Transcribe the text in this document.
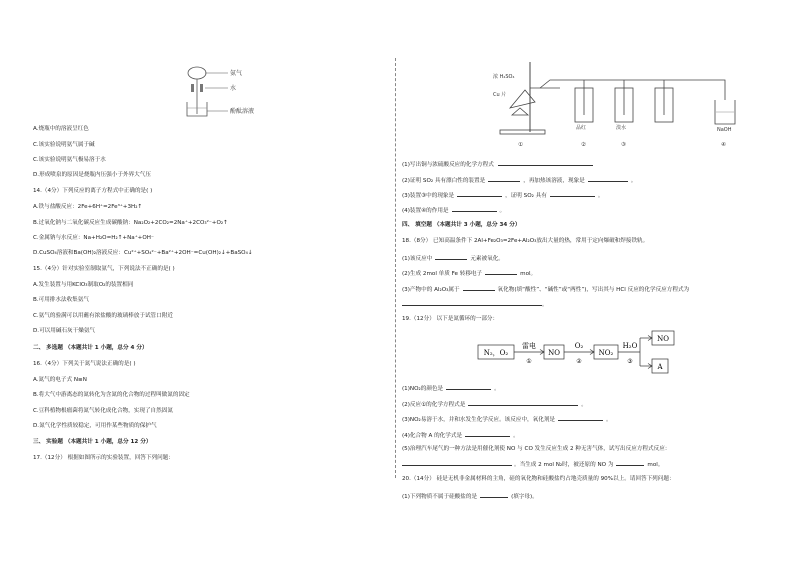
氨气
水
酚酞溶液
A.烧瓶中的溶液呈红色
C.该实验说明氨气属于碱
C.该实验说明氨气极易溶于水
D.形成喷泉的原因是烧瓶内压强小于外界大气压
14.（4分）下列反应的离子方程式中正确的是( )
A.铁与盐酸反应：2Fe+6H⁺=2Fe³⁺+3H₂↑
B.过氧化钠与二氧化碳反应生成碳酸钠：Na₂O₂+2CO₂=2Na⁺+2CO₃²⁻+O₂↑
C.金属钠与水反应：Na+H₂O=H₂↑+Na⁺+OH⁻
D.CuSO₄溶液和Ba(OH)₂溶液反应：Cu²⁺+SO₄²⁻+Ba²⁺+2OH⁻=Cu(OH)₂↓+BaSO₄↓
15.（4分）针对实验室制取氨气，下列说法不正确的是( )
A.发生装置与用KClO₃制取O₂的装置相同
B.可用排水法收集氨气
C.氨气的验满可以用蘸有浓盐酸的玻璃棒放于试管口附近
D.可以用碱石灰干燥氨气
二、 多选题 （本题共计 1 小题，总分 4 分）
16.（4分）下列关于氮气说法正确的是( )
A.氮气的电子式 N≡N
B.将大气中游离态的氮转化为含氮的化合物的过程叫做氮的固定
C.豆科植物根瘤菌将氮气转化成化合物，实现了自然固氮
D.氮气化学性质较稳定，可用作某些物质的保护气
三、 实验题 （本题共计 1 小题，总分 12 分）
17.（12分） 根据如图所示的实验装置，回答下列问题：
浓 H₂SO₄
Cu 片
品红	溴水	NaOH
①	②	③	④
(1)写出铜与浓硫酸反应的化学方程式
(2)证明 SO₂ 具有漂白性的装置是	，再加热该溶液，现象是	。
(3)装置③中的现象是	，证明 SO₂ 具有	。
(4)装置④的作用是	。
四、 填空题 （本题共计 3 小题，总分 34 分）
18.（8分） 已知高温条件下 2Al+Fe₂O₃=2Fe+Al₂O₃放出大量的热，常用于定向爆破和焊接铁轨。
(1)该反应中	元素被氧化。
(2)生成 2mol 单质 Fe 转移电子	mol。
(3)产物中的 Al₂O₃属于	氧化物(填“酸性”、“碱性”或“两性”)，写出其与 HCl 反应的化学反应方程式为
。
19.（12分） 以下是氮循环的一部分：
N₂，O₂
雷电
①
NO
O₂
②
NO₂
H₂O
③
NO
A
(1)NO₂的颜色是	。
(2)反应①的化学方程式是	。
(3)NO₂易溶于水，并和水发生化学反应。该反应中，氧化剂是	。
(4)化合物 A 的化学式是	。
(5)治理汽车尾气的一种方法是用催化剂使 NO 与 CO 发生反应生成 2 种无害气体，试写出反应方程式反应：
。当生成 2 mol N₂时，被还原的 NO 为	mol。
20.（14分） 硅是无机非金属材料的主角，硅的氧化物和硅酸盐约占地壳质量的 90%以上。请回答下列问题：
(1)下列物质不属于硅酸盐的是	(填字母)。
